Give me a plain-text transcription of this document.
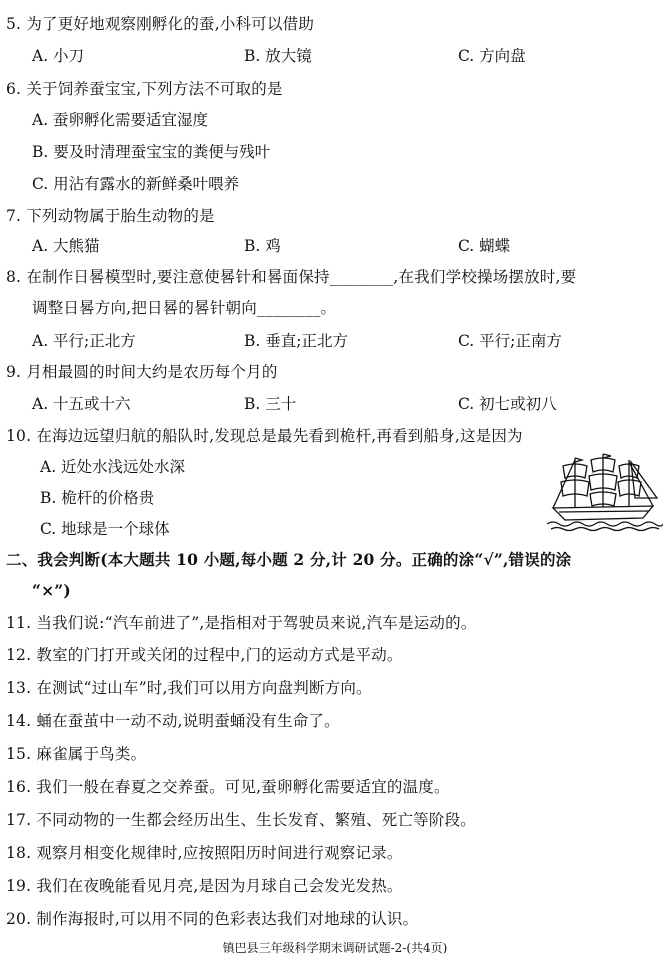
5. 为了更好地观察刚孵化的蚕,小科可以借助
A. 小刀	B. 放大镜	C. 方向盘
6. 关于饲养蚕宝宝,下列方法不可取的是
A. 蚕卵孵化需要适宜湿度
B. 要及时清理蚕宝宝的粪便与残叶
C. 用沾有露水的新鲜桑叶喂养
7. 下列动物属于胎生动物的是
A. 大熊猫	B. 鸡	C. 蝴蝶
8. 在制作日晷模型时,要注意使晷针和晷面保持________,在我们学校操场摆放时,要
调整日晷方向,把日晷的晷针朝向________。
A. 平行;正北方	B. 垂直;正北方	C. 平行;正南方
9. 月相最圆的时间大约是农历每个月的
A. 十五或十六	B. 三十	C. 初七或初八
10. 在海边远望归航的船队时,发现总是最先看到桅杆,再看到船身,这是因为
A. 近处水浅远处水深
B. 桅杆的价格贵
C. 地球是一个球体
二、我会判断(本大题共 10 小题,每小题 2 分,计 20 分。正确的涂“√”,错误的涂
“×”)
11. 当我们说:“汽车前进了”,是指相对于驾驶员来说,汽车是运动的。
12. 教室的门打开或关闭的过程中,门的运动方式是平动。
13. 在测试“过山车”时,我们可以用方向盘判断方向。
14. 蛹在蚕茧中一动不动,说明蚕蛹没有生命了。
15. 麻雀属于鸟类。
16. 我们一般在春夏之交养蚕。可见,蚕卵孵化需要适宜的温度。
17. 不同动物的一生都会经历出生、生长发育、繁殖、死亡等阶段。
18. 观察月相变化规律时,应按照阳历时间进行观察记录。
19. 我们在夜晚能看见月亮,是因为月球自己会发光发热。
20. 制作海报时,可以用不同的色彩表达我们对地球的认识。
镇巴县三年级科学期末调研试题-2-(共4页)
